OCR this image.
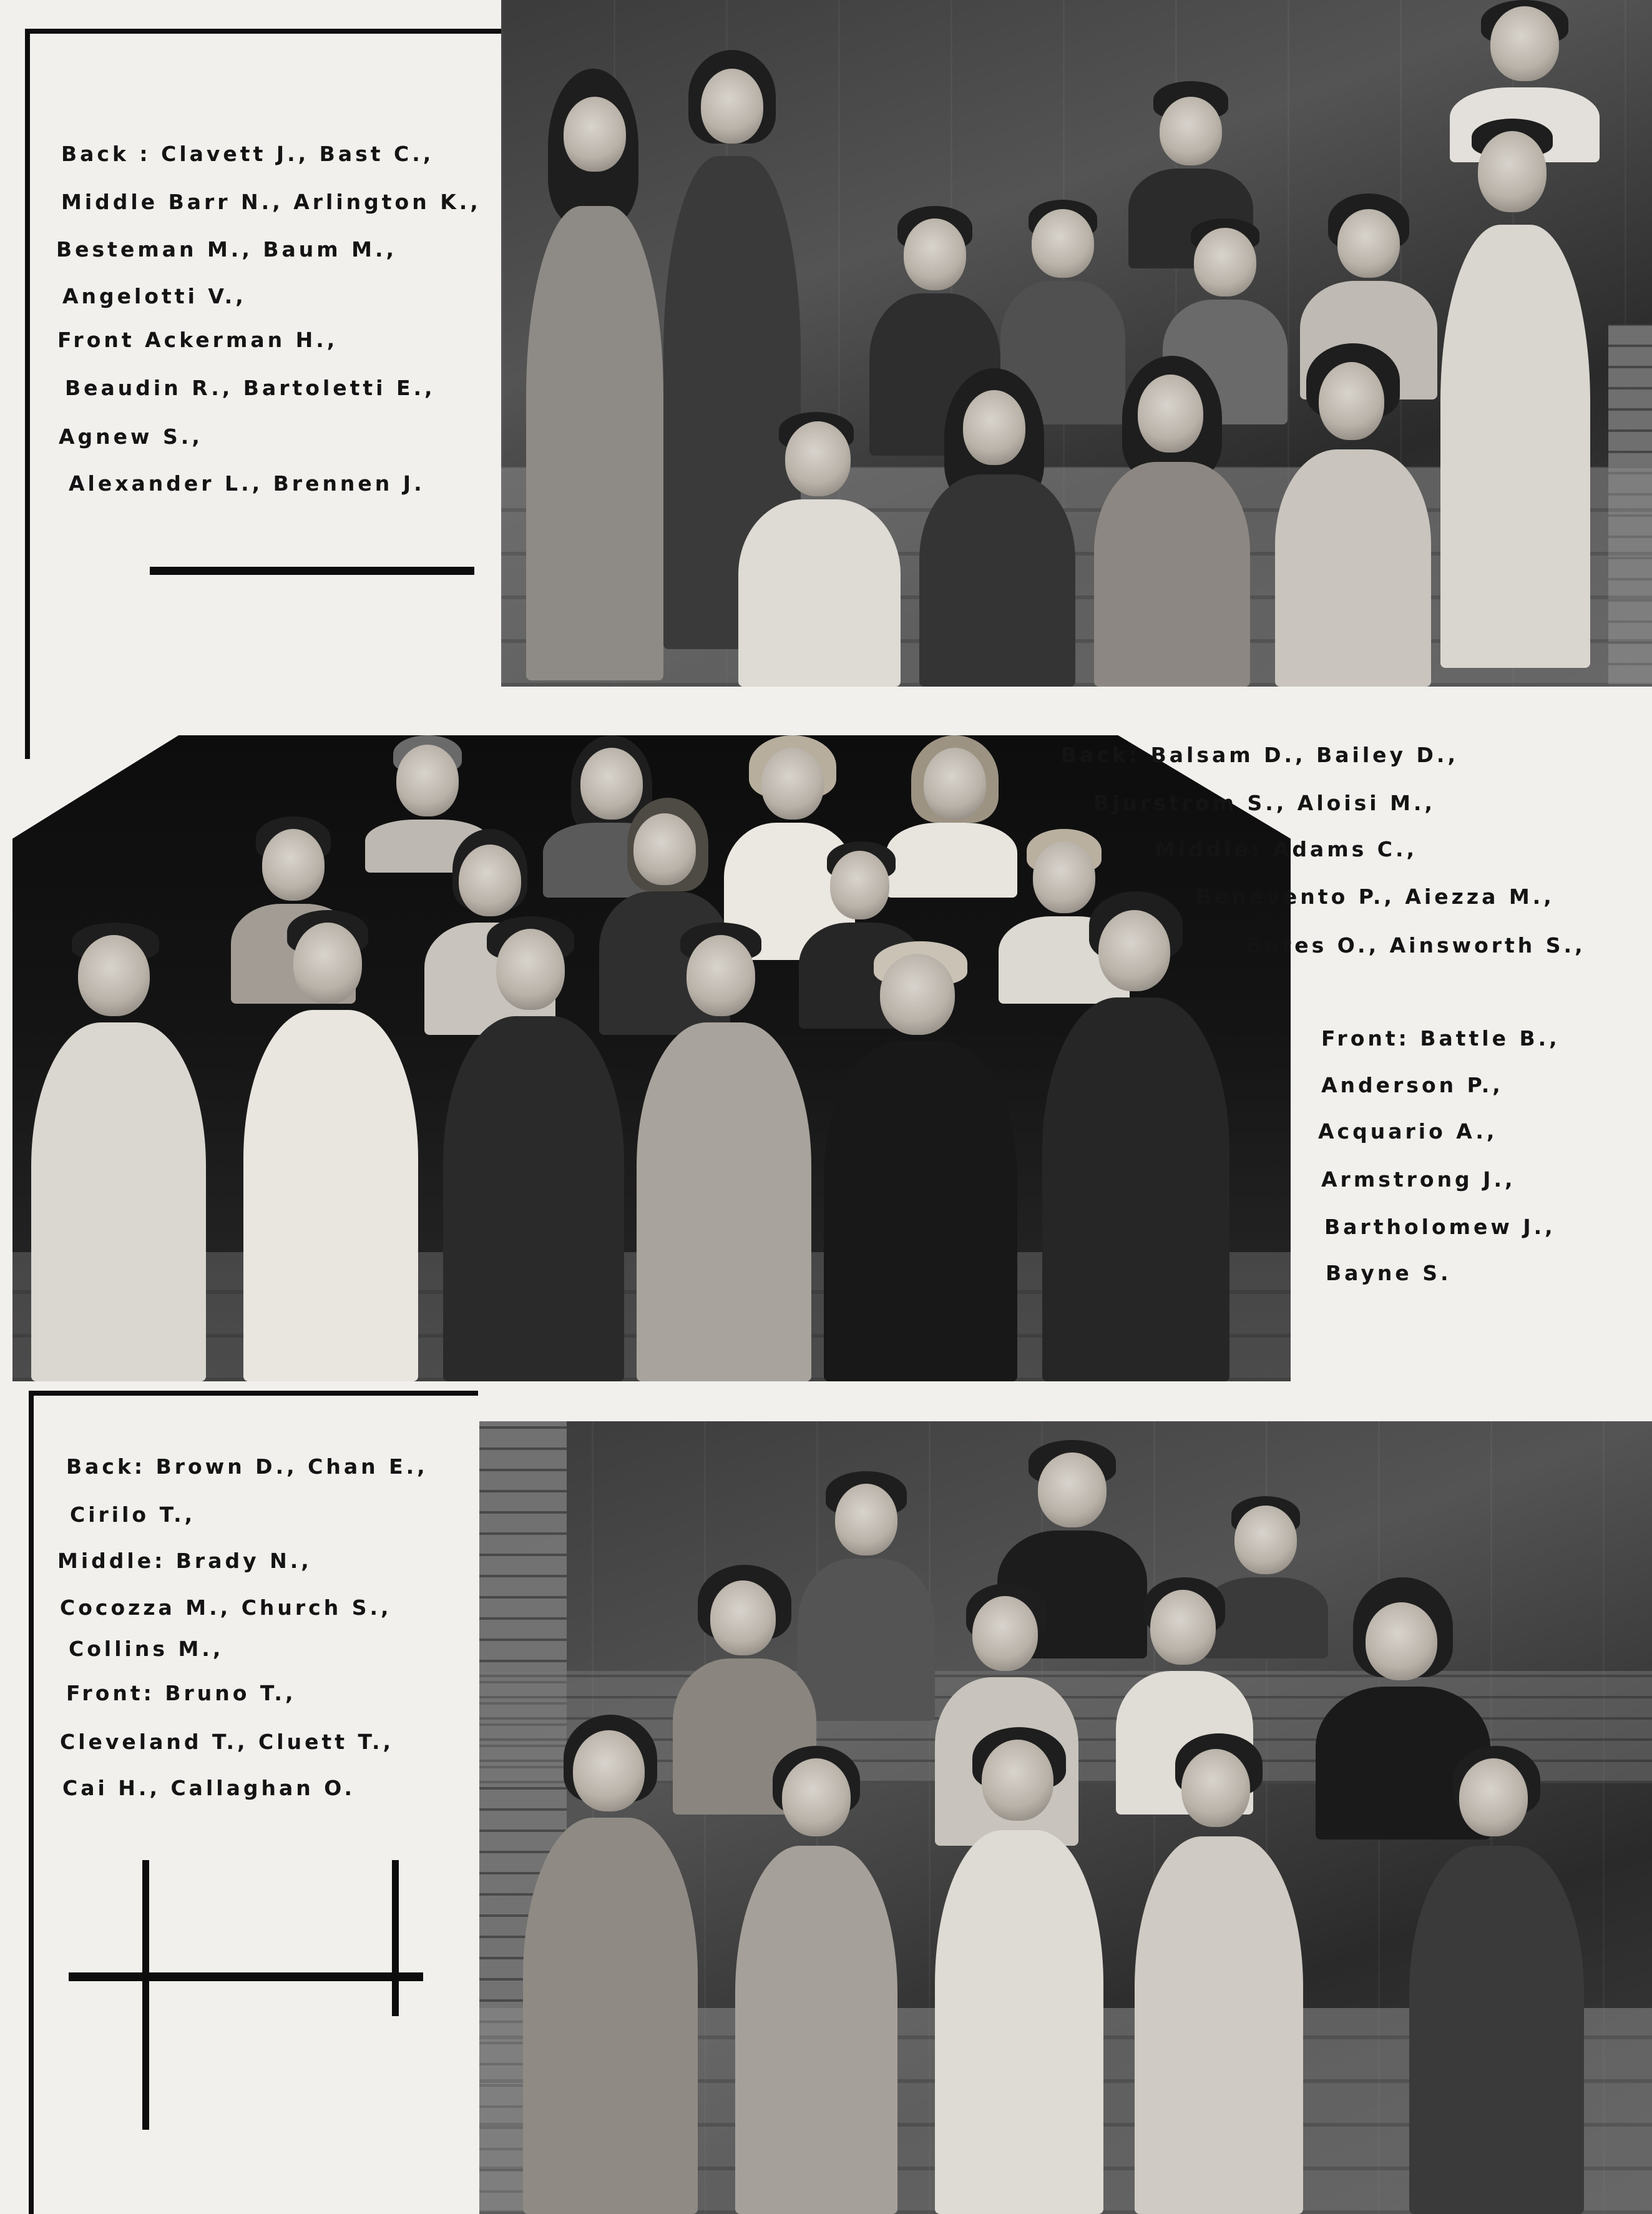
Back : Clavett J., Bast C.,
Middle Barr N., Arlington K.,
Besteman M., Baum M.,
Angelotti V.,
Front Ackerman H.,
Beaudin R., Bartoletti E.,
Agnew S.,
Alexander L., Brennen J.
Back: Balsam D., Bailey D.,
Bjurstrom S., Aloisi M.,
Middle: Adams C.,
Benevento P., Aiezza M.,
Bates O., Ainsworth S.,
Front: Battle B.,
Anderson P.,
Acquario A.,
Armstrong J.,
Bartholomew J.,
Bayne S.
Back: Brown D., Chan E.,
Cirilo T.,
Middle: Brady N.,
Cocozza M., Church S.,
Collins M.,
Front: Bruno T.,
Cleveland T., Cluett T.,
Cai H., Callaghan O.
